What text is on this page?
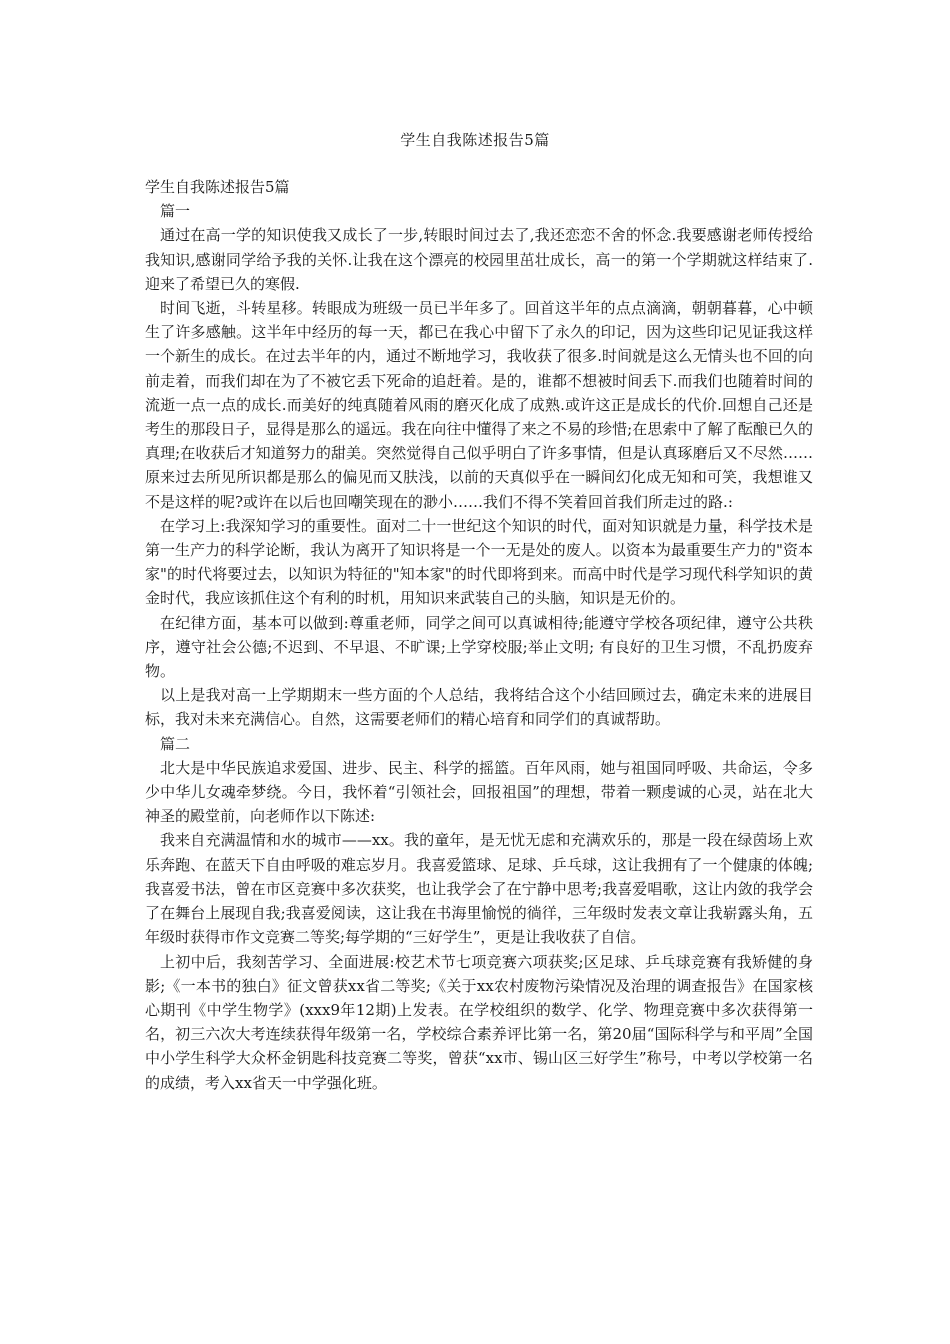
学生自我陈述报告5篇

学生自我陈述报告5篇

篇一

通过在高一学的知识使我又成长了一步,转眼时间过去了,我还恋恋不舍的怀念.我要感谢老师传授给我知识,感谢同学给予我的关怀.让我在这个漂亮的校园里茁壮成长，高一的第一个学期就这样结束了.迎来了希望已久的寒假.

时间飞逝，斗转星移。转眼成为班级一员已半年多了。回首这半年的点点滴滴，朝朝暮暮，心中顿生了许多感触。这半年中经历的每一天，都已在我心中留下了永久的印记，因为这些印记见证我这样一个新生的成长。在过去半年的内，通过不断地学习，我收获了很多.时间就是这么无情头也不回的向前走着，而我们却在为了不被它丢下死命的追赶着。是的，谁都不想被时间丢下.而我们也随着时间的流逝一点一点的成长.而美好的纯真随着风雨的磨灭化成了成熟.或许这正是成长的代价.回想自己还是考生的那段日子，显得是那么的遥远。我在向往中懂得了来之不易的珍惜;在思索中了解了酝酿已久的真理;在收获后才知道努力的甜美。突然觉得自己似乎明白了许多事情，但是认真琢磨后又不尽然……原来过去所见所识都是那么的偏见而又肤浅，以前的天真似乎在一瞬间幻化成无知和可笑，我想谁又不是这样的呢?或许在以后也回嘲笑现在的渺小……我们不得不笑着回首我们所走过的路.:

在学习上:我深知学习的重要性。面对二十一世纪这个知识的时代，面对知识就是力量，科学技术是第一生产力的科学论断，我认为离开了知识将是一个一无是处的废人。以资本为最重要生产力的"资本家"的时代将要过去，以知识为特征的"知本家"的时代即将到来。而高中时代是学习现代科学知识的黄金时代，我应该抓住这个有利的时机，用知识来武装自己的头脑，知识是无价的。

在纪律方面，基本可以做到:尊重老师，同学之间可以真诚相待;能遵守学校各项纪律，遵守公共秩序，遵守社会公德;不迟到、不早退、不旷课;上学穿校服;举止文明; 有良好的卫生习惯，不乱扔废弃物。

以上是我对高一上学期期末一些方面的个人总结，我将结合这个小结回顾过去，确定未来的进展目标，我对未来充满信心。自然，这需要老师们的精心培育和同学们的真诚帮助。

篇二

北大是中华民族追求爱国、进步、民主、科学的摇篮。百年风雨，她与祖国同呼吸、共命运，令多少中华儿女魂牵梦绕。今日，我怀着“引领社会，回报祖国”的理想，带着一颗虔诚的心灵，站在北大神圣的殿堂前，向老师作以下陈述:

我来自充满温情和水的城市——xx。我的童年，是无忧无虑和充满欢乐的，那是一段在绿茵场上欢乐奔跑、在蓝天下自由呼吸的难忘岁月。我喜爱篮球、足球、乒乓球，这让我拥有了一个健康的体魄;我喜爱书法，曾在市区竞赛中多次获奖，也让我学会了在宁静中思考;我喜爱唱歌，这让内敛的我学会了在舞台上展现自我;我喜爱阅读，这让我在书海里愉悦的徜徉，三年级时发表文章让我崭露头角，五年级时获得市作文竞赛二等奖;每学期的“三好学生”，更是让我收获了自信。

上初中后，我刻苦学习、全面进展:校艺术节七项竞赛六项获奖;区足球、乒乓球竞赛有我矫健的身影;《一本书的独白》征文曾获xx省二等奖;《关于xx农村废物污染情况及治理的调查报告》在国家核心期刊《中学生物学》(xxx9年12期)上发表。在学校组织的数学、化学、物理竞赛中多次获得第一名，初三六次大考连续获得年级第一名，学校综合素养评比第一名，第20届“国际科学与和平周”全国中小学生科学大众杯金钥匙科技竞赛二等奖，曾获“xx市、锡山区三好学生”称号，中考以学校第一名的成绩，考入xx省天一中学强化班。
